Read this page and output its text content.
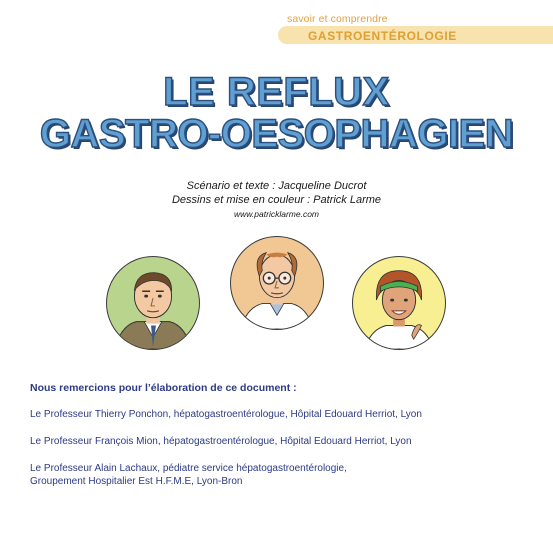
savoir et comprendre
GASTROENTÉROLOGIE
LE REFLUX
GASTRO-OESOPHAGIEN
Scénario et texte : Jacqueline Ducrot
Dessins et mise en couleur : Patrick Larme
www.patricklarme.com
Nous remercions pour l’élaboration de ce document :
Le Professeur Thierry Ponchon, hépatogastroentérologue, Hôpital Edouard Herriot, Lyon
Le Professeur François Mion, hépatogastroentérologue, Hôpital Edouard Herriot, Lyon
Le Professeur Alain Lachaux, pédiatre service hépatogastroentérologie,
Groupement Hospitalier Est H.F.M.E, Lyon-Bron
